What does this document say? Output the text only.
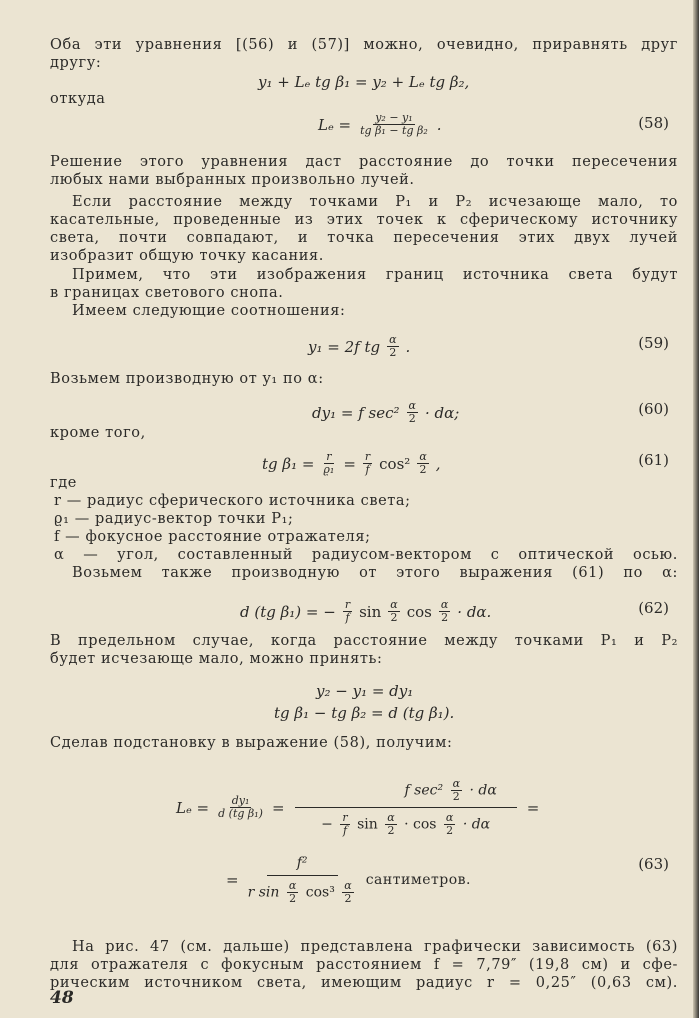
Оба эти уравнения [(56) и (57)] можно, очевидно, приравнять друг
другу:
y₁ + Lₑ tg β₁ = y₂ + Lₑ tg β₂,
откуда
$L_e = \frac{\text{y₂ − y₁}}{\text{tg β₁ − tg β₂}}$ .	(58)
Решение этого уравнения даст расстояние до точки пересечения
любых нами выбранных произвольно лучей.
Если расстояние между точками P₁ и P₂ исчезающе мало, то
касательные, проведенные из этих точек к сферическому источнику
света, почти совпадают, и точка пересечения этих двух лучей
изобразит общую точку касания.
Примем, что эти изображения границ источника света будут
в границах светового снопа.
Имеем следующие соотношения:
y₁ = 2f tg $\frac{\alpha}{2}$ .	(59)
Возьмем производную от y₁ по α:
dy₁ = f $\sec^2 \frac{\alpha}{2} \cdot d\alpha$;	(60)
кроме того,
tg $\beta_1 = \frac{r}{\text{ϱ₁}} = \frac{r}{f} \cos^2 \frac{\alpha}{2}$ ,	(61)
где
r — радиус сферического источника света;
ϱ₁ — радиус-вектор точки P₁;
f — фокусное расстояние отражателя;
α — угол, составленный радиусом-вектором с оптической осью.
Возьмем также производную от этого выражения (61) по α:
d (tg β₁) = − $\frac{r}{f}$ $\sin \frac{\alpha}{2}$ $\cos \frac{\alpha}{2} \cdot d\alpha$.	(62)
В предельном случае, когда расстояние между точками P₁ и P₂
будет исчезающе мало, можно принять:
y₂ − y₁ = dy₁
tg β₁ − tg β₂ = d (tg β₁).
Сделав подстановку в выражение (58), получим:
$L_e = \frac{\text{dy₁}}{\text{d (tg β₁)}}$ =
f $\sec^2 \frac{\alpha}{2} \cdot d\alpha$
− $\frac{r}{f}$ $\sin \frac{\alpha}{2} \cdot \cos \frac{\alpha}{2} \cdot d\alpha$
=
= $\frac{\text{f²}}{r \sin \frac{\alpha}{2} \cos^3 \frac{\alpha}{2}}$ сантиметров.
(63)
На рис. 47 (см. дальше) представлена графически зависимость (63)
для отражателя с фокусным расстоянием f = 7,79″ (19,8 см) и сфе-
рическим источником света, имеющим радиус r = 0,25″ (0,63 см).
48
